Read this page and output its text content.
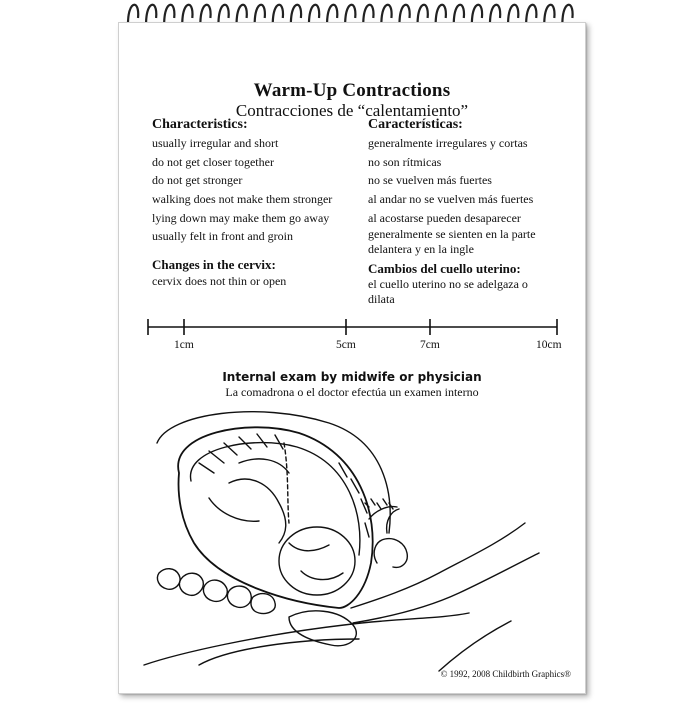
Warm-Up Contractions
Contracciones de “calentamiento”
Characteristics:
usually irregular and short
do not get closer together
do not get stronger
walking does not make them stronger
lying down may make them go away
usually felt in front and groin
Changes in the cervix:
cervix does not thin or open
Características:
generalmente irregulares y cortas
no son rítmicas
no se vuelven más fuertes
al andar no se vuelven más fuertes
al acostarse pueden desaparecer
generalmente se sienten en la parte
delantera y en la ingle
Cambios del cuello uterino:
el cuello uterino no se adelgaza o
dilata
1cm	5cm	7cm	10cm
Internal exam by midwife or physician
La comadrona o el doctor efectúa un examen interno
© 1992, 2008 Childbirth Graphics®
